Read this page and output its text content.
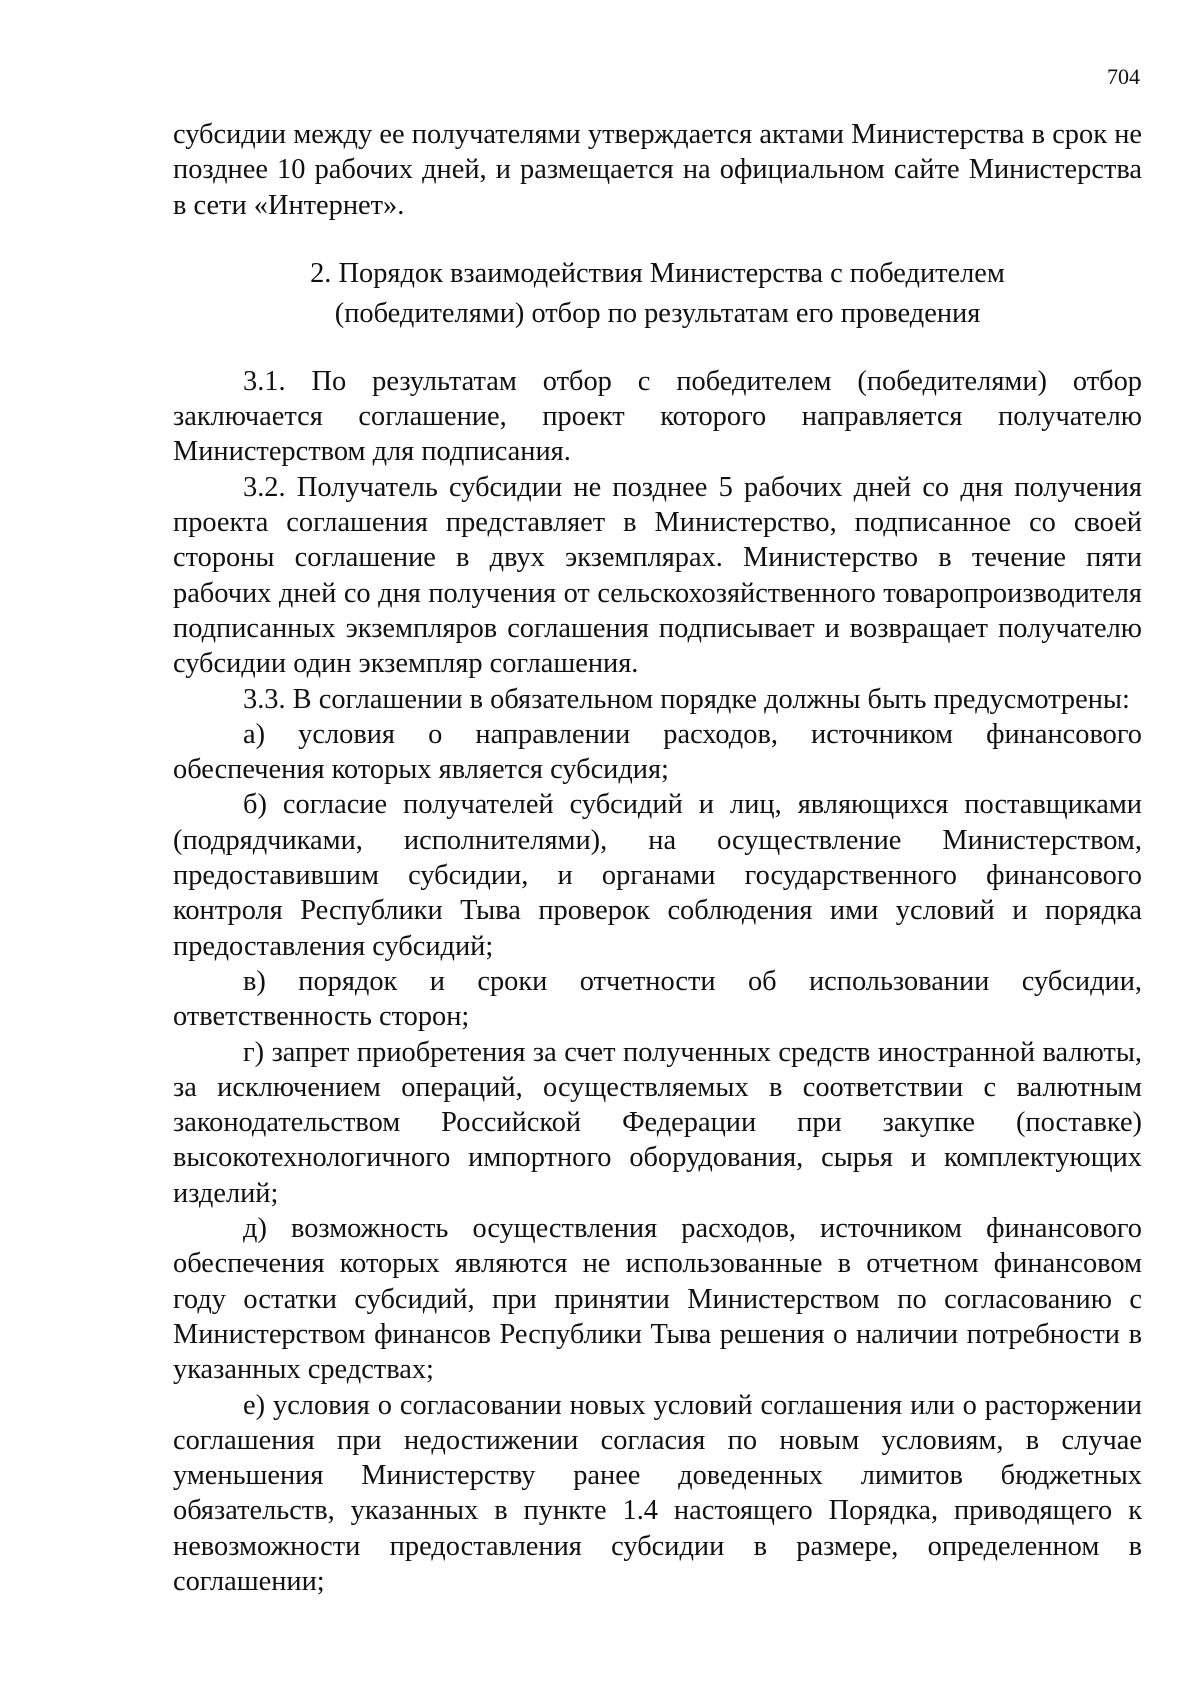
704

субсидии между ее получателями утверждается актами Министерства в срок не позднее 10 рабочих дней, и размещается на официальном сайте Министерства в сети «Интернет».

2. Порядок взаимодействия Министерства с победителем
(победителями) отбор по результатам его проведения

3.1. По результатам отбор с победителем (победителями) отбор заключается соглашение, проект которого направляется получателю Министерством для подписания.

3.2. Получатель субсидии не позднее 5 рабочих дней со дня получения проекта соглашения представляет в Министерство, подписанное со своей стороны соглашение в двух экземплярах. Министерство в течение пяти рабочих дней со дня получения от сельскохозяйственного товаропроизводителя подписанных экземпляров соглашения подписывает и возвращает получателю субсидии один экземпляр соглашения.

3.3. В соглашении в обязательном порядке должны быть предусмотрены:

а) условия о направлении расходов, источником финансового обеспечения которых является субсидия;

б) согласие получателей субсидий и лиц, являющихся поставщиками (подрядчиками, исполнителями), на осуществление Министерством, предоставившим субсидии, и органами государственного финансового контроля Республики Тыва проверок соблюдения ими условий и порядка предоставления субсидий;

в) порядок и сроки отчетности об использовании субсидии, ответственность сторон;

г) запрет приобретения за счет полученных средств иностранной валюты, за исключением операций, осуществляемых в соответствии с валютным законодательством Российской Федерации при закупке (поставке) высокотехнологичного импортного оборудования, сырья и комплектующих изделий;

д) возможность осуществления расходов, источником финансового обеспечения которых являются не использованные в отчетном финансовом году остатки субсидий, при принятии Министерством по согласованию с Министерством финансов Республики Тыва решения о наличии потребности в указанных средствах;

е) условия о согласовании новых условий соглашения или о расторжении соглашения при недостижении согласия по новым условиям, в случае уменьшения Министерству ранее доведенных лимитов бюджетных обязательств, указанных в пункте 1.4 настоящего Порядка, приводящего к невозможности предоставления субсидии в размере, определенном в соглашении;
